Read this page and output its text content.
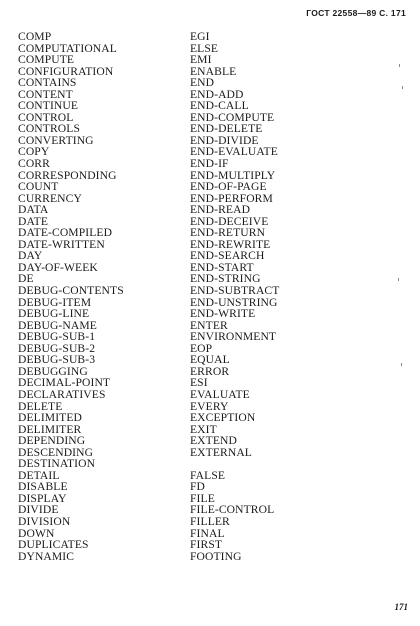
ГОСТ 22558—89 С. 171
COMP
COMPUTATIONAL
COMPUTE
CONFIGURATION
CONTAINS
CONTENT
CONTINUE
CONTROL
CONTROLS
CONVERTING
COPY
CORR
CORRESPONDING
COUNT
CURRENCY
DATA
DATE
DATE-COMPILED
DATE-WRITTEN
DAY
DAY-OF-WEEK
DE
DEBUG-CONTENTS
DEBUG-ITEM
DEBUG-LINE
DEBUG-NAME
DEBUG-SUB-1
DEBUG-SUB-2
DEBUG-SUB-3
DEBUGGING
DECIMAL-POINT
DECLARATIVES
DELETE
DELIMITED
DELIMITER
DEPENDING
DESCENDING
DESTINATION
DETAIL
DISABLE
DISPLAY
DIVIDE
DIVISION
DOWN
DUPLICATES
DYNAMIC
EGI
ELSE
EMI
ENABLE
END
END-ADD
END-CALL
END-COMPUTE
END-DELETE
END-DIVIDE
END-EVALUATE
END-IF
END-MULTIPLY
END-OF-PAGE
END-PERFORM
END-READ
END-DECEIVE
END-RETURN
END-REWRITE
END-SEARCH
END-START
END-STRING
END-SUBTRACT
END-UNSTRING
END-WRITE
ENTER
ENVIRONMENT
EOP
EQUAL
ERROR
ESI
EVALUATE
EVERY
EXCEPTION
EXIT
EXTEND
EXTERNAL
FALSE
FD
FILE
FILE-CONTROL
FILLER
FINAL
FIRST
FOOTING
171
